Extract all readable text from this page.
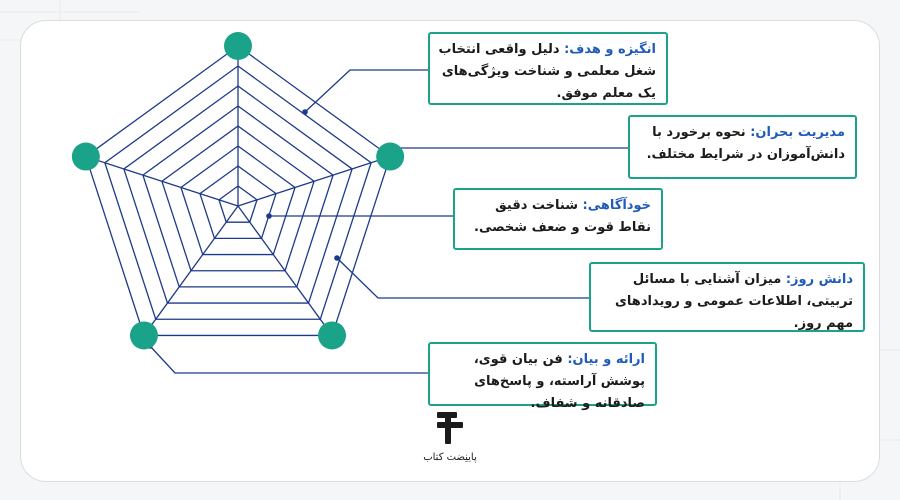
انگیزه و هدف: دلیل واقعی انتخاب شغل معلمی و شناخت ویژگی‌های یک معلم موفق.
مدیریت بحران: نحوه برخورد با دانش‌آموزان در شرایط مختلف.
خودآگاهی: شناخت دقیق نقاط قوت و ضعف شخصی.
دانش روز: میزان آشنایی با مسائل تربیتی، اطلاعات عمومی و رویدادهای مهم روز.
ارائه و بیان: فن بیان قوی، پوشش آراسته، و پاسخ‌های صادقانه و شفاف.
پاینِضت کتاب
